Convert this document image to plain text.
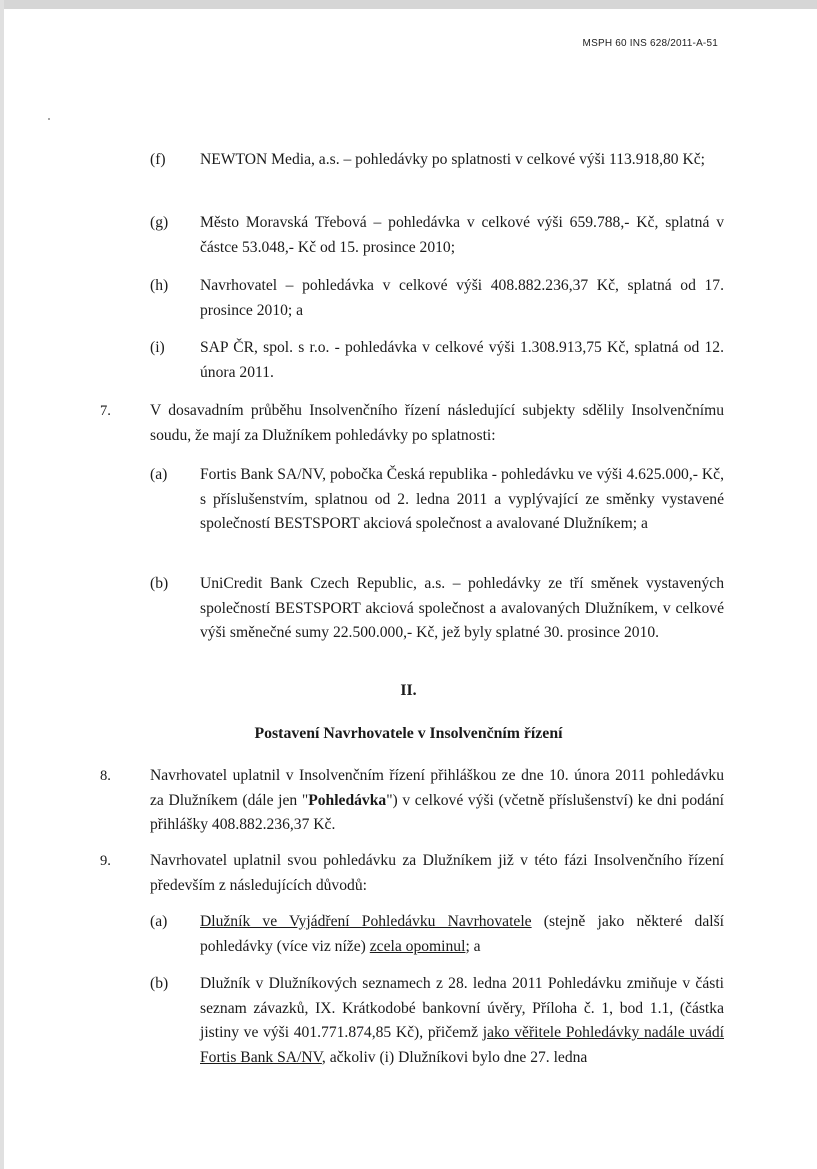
MSPH 60 INS 628/2011-A-51
(f) NEWTON Media, a.s. – pohledávky po splatnosti v celkové výši 113.918,80 Kč;

(g) Město Moravská Třebová – pohledávka v celkové výši 659.788,- Kč, splatná v částce 53.048,- Kč od 15. prosince 2010;

(h) Navrhovatel – pohledávka v celkové výši 408.882.236,37 Kč, splatná od 17. prosince 2010; a

(i) SAP ČR, spol. s r.o. - pohledávka v celkové výši 1.308.913,75 Kč, splatná od 12. února 2011.

7.	V dosavadním průběhu Insolvenčního řízení následující subjekty sdělily Insolvenčnímu soudu, že mají za Dlužníkem pohledávky po splatnosti:

(a) Fortis Bank SA/NV, pobočka Česká republika - pohledávku ve výši 4.625.000,- Kč, s příslušenstvím, splatnou od 2. ledna 2011 a vyplývající ze směnky vystavené společností BESTSPORT akciová společnost a avalované Dlužníkem; a

(b) UniCredit Bank Czech Republic, a.s. – pohledávky ze tří směnek vystavených společností BESTSPORT akciová společnost a avalovaných Dlužníkem, v celkové výši směnečné sumy 22.500.000,- Kč, jež byly splatné 30. prosince 2010.

II.
Postavení Navrhovatele v Insolvenčním řízení
8.	Navrhovatel uplatnil v Insolvenčním řízení přihláškou ze dne 10. února 2011 pohledávku za Dlužníkem (dále jen "Pohledávka") v celkové výši (včetně příslušenství) ke dni podání přihlášky 408.882.236,37 Kč.

9.	Navrhovatel uplatnil svou pohledávku za Dlužníkem již v této fázi Insolvenčního řízení především z následujících důvodů:

(a) Dlužník ve Vyjádření Pohledávku Navrhovatele (stejně jako některé další pohledávky (více viz níže) zcela opominul; a

(b) Dlužník v Dlužníkových seznamech z 28. ledna 2011 Pohledávku zmiňuje v části seznam závazků, IX. Krátkodobé bankovní úvěry, Příloha č. 1, bod 1.1, (částka jistiny ve výši 401.771.874,85 Kč), přičemž jako věřitele Pohledávky nadále uvádí Fortis Bank SA/NV, ačkoliv (i) Dlužníkovi bylo dne 27. ledna
